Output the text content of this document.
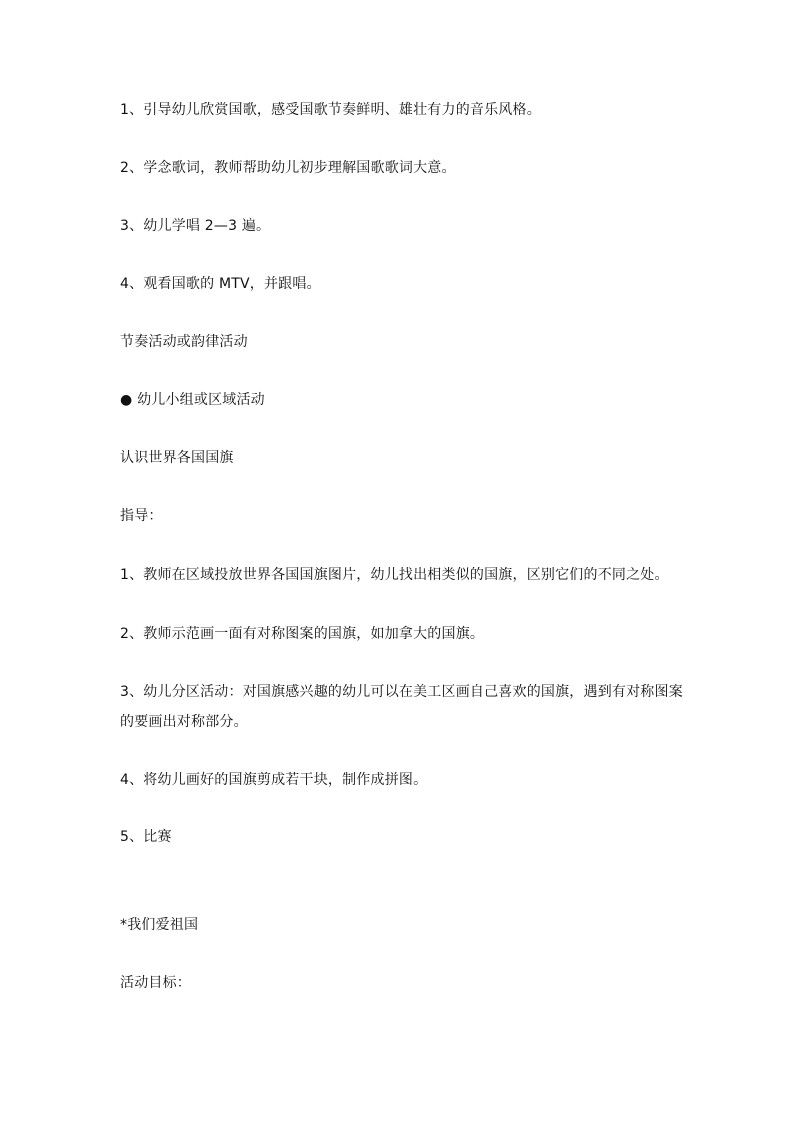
1、引导幼儿欣赏国歌，感受国歌节奏鲜明、雄壮有力的音乐风格。
2、学念歌词，教师帮助幼儿初步理解国歌歌词大意。
3、幼儿学唱 2—3 遍。
4、观看国歌的 MTV，并跟唱。
节奏活动或韵律活动
● 幼儿小组或区域活动
认识世界各国国旗
指导：
1、教师在区域投放世界各国国旗图片，幼儿找出相类似的国旗，区别它们的不同之处。
2、教师示范画一面有对称图案的国旗，如加拿大的国旗。
3、幼儿分区活动：对国旗感兴趣的幼儿可以在美工区画自己喜欢的国旗，遇到有对称图案
的要画出对称部分。
4、将幼儿画好的国旗剪成若干块，制作成拼图。
5、比赛
*我们爱祖国
活动目标：
